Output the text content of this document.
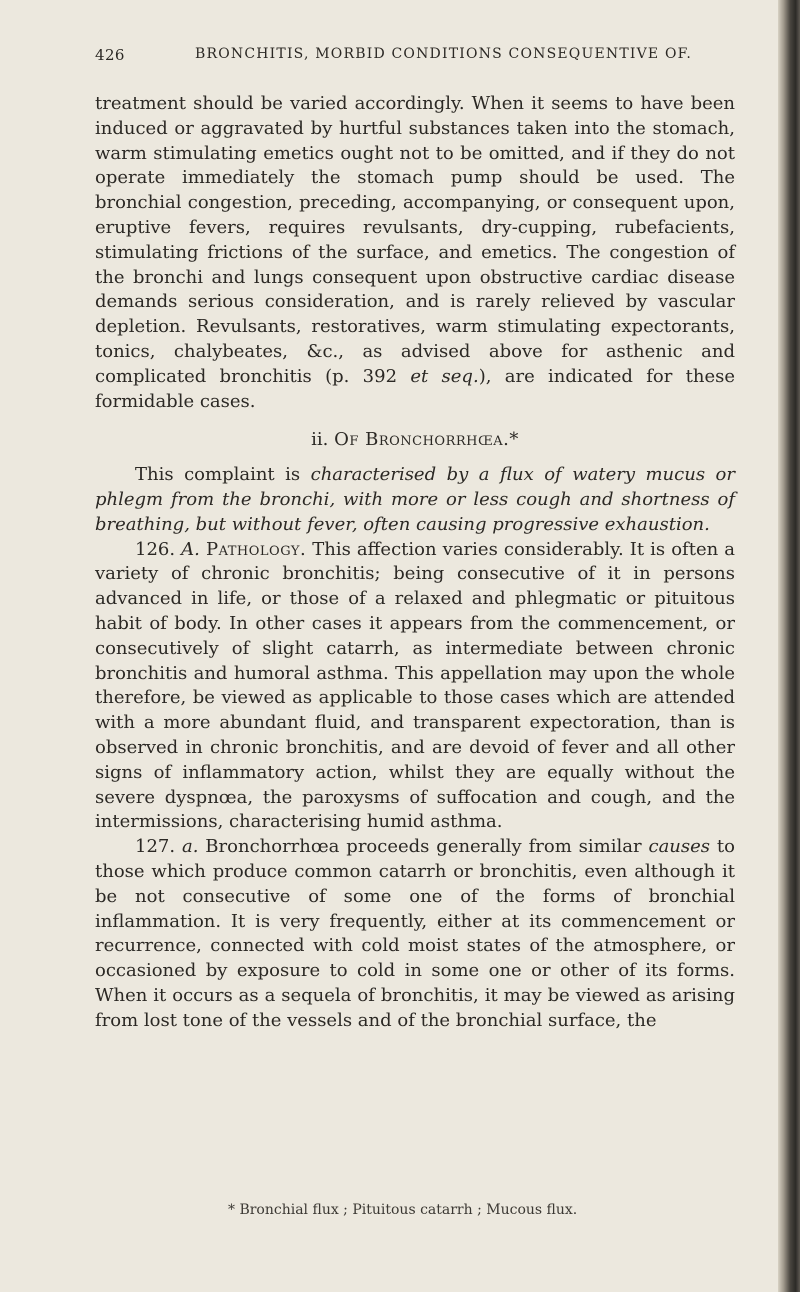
426	BRONCHITIS, MORBID CONDITIONS CONSEQUENTIVE OF.

treatment should be varied accordingly. When it seems to have been induced or aggravated by hurtful substances taken into the stomach, warm stimulating emetics ought not to be omitted, and if they do not operate immediately the stomach pump should be used. The bronchial congestion, preceding, accompanying, or consequent upon, eruptive fevers, requires revulsants, dry-cupping, rubefacients, stimulating frictions of the surface, and emetics. The congestion of the bronchi and lungs consequent upon obstructive cardiac disease demands serious consideration, and is rarely relieved by vascular depletion. Revulsants, restoratives, warm stimulating expectorants, tonics, chalybeates, &c., as advised above for asthenic and complicated bronchitis (p. 392 et seq.), are indicated for these formidable cases.

ii. Of Bronchorrhœa.*

This complaint is characterised by a flux of watery mucus or phlegm from the bronchi, with more or less cough and shortness of breathing, but without fever, often causing progressive exhaustion.

126. A. Pathology. This affection varies considerably. It is often a variety of chronic bronchitis; being consecutive of it in persons advanced in life, or those of a relaxed and phlegmatic or pituitous habit of body. In other cases it appears from the commencement, or consecutively of slight catarrh, as intermediate between chronic bronchitis and humoral asthma. This appellation may upon the whole therefore, be viewed as applicable to those cases which are attended with a more abundant fluid, and transparent expectoration, than is observed in chronic bronchitis, and are devoid of fever and all other signs of inflammatory action, whilst they are equally without the severe dyspnœa, the paroxysms of suffocation and cough, and the intermissions, characterising humid asthma.

127. a. Bronchorrhœa proceeds generally from similar causes to those which produce common catarrh or bronchitis, even although it be not consecutive of some one of the forms of bronchial inflammation. It is very frequently, either at its commencement or recurrence, connected with cold moist states of the atmosphere, or occasioned by exposure to cold in some one or other of its forms. When it occurs as a sequela of bronchitis, it may be viewed as arising from lost tone of the vessels and of the bronchial surface, the

* Bronchial flux ; Pituitous catarrh ; Mucous flux.
